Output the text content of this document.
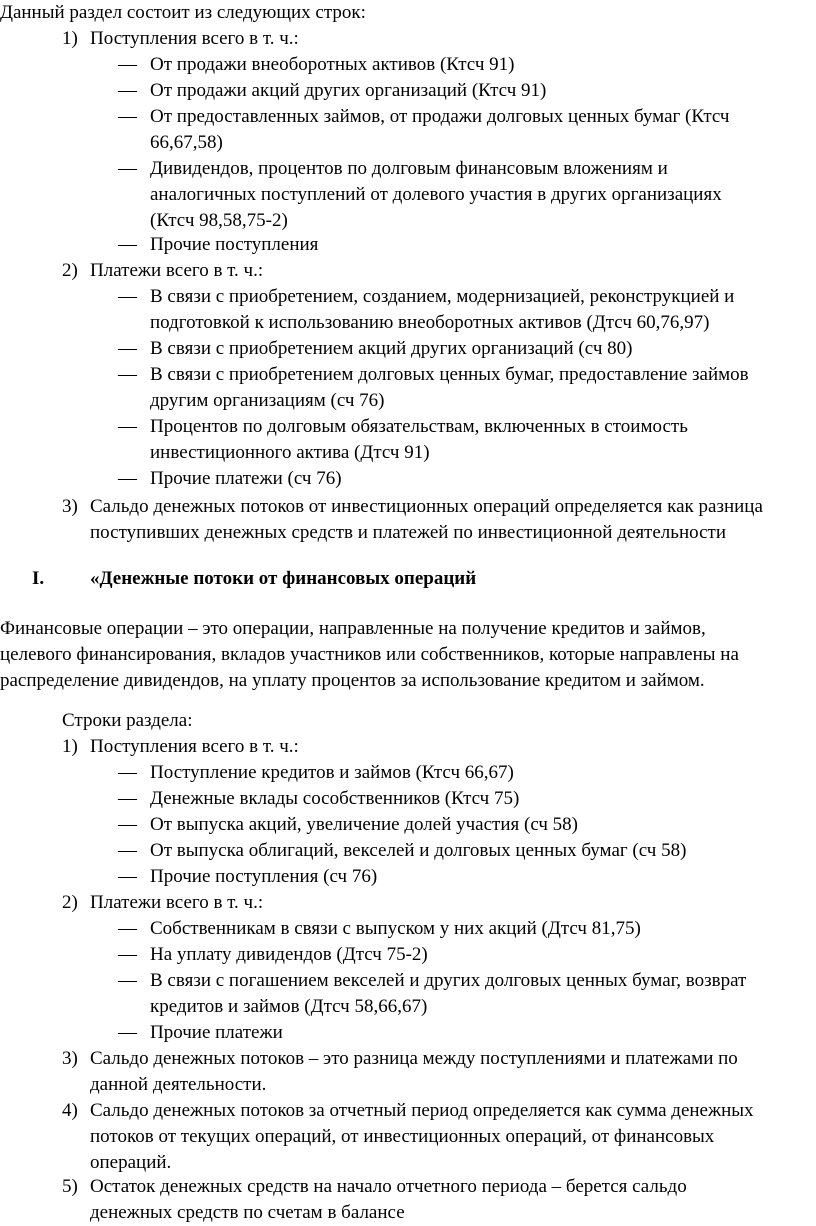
Данный раздел состоит из следующих строк:
1) Поступления всего в т. ч.:
2) Платежи всего в т. ч.:
3) Сальдо денежных потоков от инвестиционных операций определяется как разница
поступивших денежных средств и платежей по инвестиционной деятельности
— От продажи внеоборотных активов (Ктсч 91)
— От продажи акций других организаций (Ктсч 91)
— От предоставленных займов, от продажи долговых ценных бумаг (Ктсч
66,67,58)
— Дивидендов, процентов по долговым финансовым вложениям и
аналогичных поступлений от долевого участия в других организациях
(Ктсч 98,58,75-2)
— Прочие поступления
— В связи с приобретением, созданием, модернизацией, реконструкцией и
подготовкой к использованию внеоборотных активов (Дтсч 60,76,97)
— В связи с приобретением акций других организаций (сч 80)
— В связи с приобретением долговых ценных бумаг, предоставление займов
другим организациям (сч 76)
— Процентов по долговым обязательствам, включенных в стоимость
инвестиционного актива (Дтсч 91)
— Прочие платежи (сч 76)
I. «Денежные потоки от финансовых операций
Финансовые операции – это операции, направленные на получение кредитов и займов,
целевого финансирования, вкладов участников или собственников, которые направлены на
распределение дивидендов, на уплату процентов за использование кредитом и займом.
Строки раздела:
1) Поступления всего в т. ч.:
2) Платежи всего в т. ч.:
3) Сальдо денежных потоков – это разница между поступлениями и платежами по
данной деятельности.
4) Сальдо денежных потоков за отчетный период определяется как сумма денежных
потоков от текущих операций, от инвестиционных операций, от финансовых
операций.
5) Остаток денежных средств на начало отчетного периода – берется сальдо
денежных средств по счетам в балансе
— Поступление кредитов и займов (Ктсч 66,67)
— Денежные вклады сособственников (Ктсч 75)
— От выпуска акций, увеличение долей участия (сч 58)
— От выпуска облигаций, векселей и долговых ценных бумаг (сч 58)
— Прочие поступления (сч 76)
— Собственникам в связи с выпуском у них акций (Дтсч 81,75)
— На уплату дивидендов (Дтсч 75-2)
— В связи с погашением векселей и других долговых ценных бумаг, возврат
кредитов и займов (Дтсч 58,66,67)
— Прочие платежи
